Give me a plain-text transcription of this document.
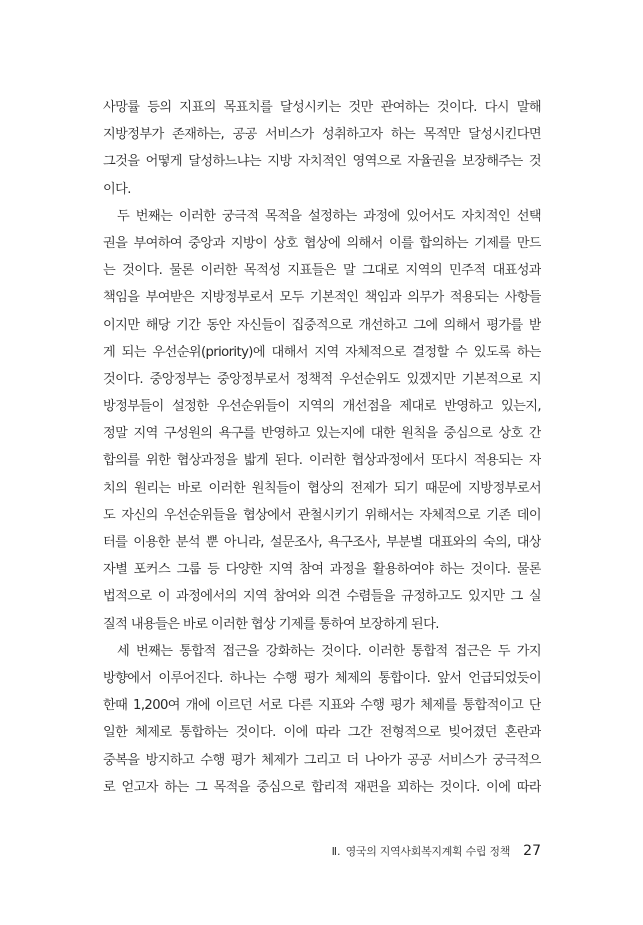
사망률 등의 지표의 목표치를 달성시키는 것만 관여하는 것이다. 다시 말해
지방정부가 존재하는, 공공 서비스가 성취하고자 하는 목적만 달성시킨다면
그것을 어떻게 달성하느냐는 지방 자치적인 영역으로 자율권을 보장해주는 것
이다.
두 번째는 이러한 궁극적 목적을 설정하는 과정에 있어서도 자치적인 선택
권을 부여하여 중앙과 지방이 상호 협상에 의해서 이를 합의하는 기제를 만드
는 것이다. 물론 이러한 목적성 지표들은 말 그대로 지역의 민주적 대표성과
책임을 부여받은 지방정부로서 모두 기본적인 책임과 의무가 적용되는 사항들
이지만 해당 기간 동안 자신들이 집중적으로 개선하고 그에 의해서 평가를 받
게 되는 우선순위(priority)에 대해서 지역 자체적으로 결정할 수 있도록 하는
것이다. 중앙정부는 중앙정부로서 정책적 우선순위도 있겠지만 기본적으로 지
방정부들이 설정한 우선순위들이 지역의 개선점을 제대로 반영하고 있는지,
정말 지역 구성원의 욕구를 반영하고 있는지에 대한 원칙을 중심으로 상호 간
합의를 위한 협상과정을 밟게 된다. 이러한 협상과정에서 또다시 적용되는 자
치의 원리는 바로 이러한 원칙들이 협상의 전제가 되기 때문에 지방정부로서
도 자신의 우선순위들을 협상에서 관철시키기 위해서는 자체적으로 기존 데이
터를 이용한 분석 뿐 아니라, 설문조사, 욕구조사, 부분별 대표와의 숙의, 대상
자별 포커스 그룹 등 다양한 지역 참여 과정을 활용하여야 하는 것이다. 물론
법적으로 이 과정에서의 지역 참여와 의견 수렴들을 규정하고도 있지만 그 실
질적 내용들은 바로 이러한 협상 기제를 통하여 보장하게 된다.
세 번째는 통합적 접근을 강화하는 것이다. 이러한 통합적 접근은 두 가지
방향에서 이루어진다. 하나는 수행 평가 체제의 통합이다. 앞서 언급되었듯이
한때 1,200여 개에 이르던 서로 다른 지표와 수행 평가 체제를 통합적이고 단
일한 체제로 통합하는 것이다. 이에 따라 그간 전형적으로 빚어졌던 혼란과
중복을 방지하고 수행 평가 체제가 그리고 더 나아가 공공 서비스가 궁극적으
로 얻고자 하는 그 목적을 중심으로 합리적 재편을 꾀하는 것이다. 이에 따라
Ⅱ. 영국의 지역사회복지계획 수립 정책 27
